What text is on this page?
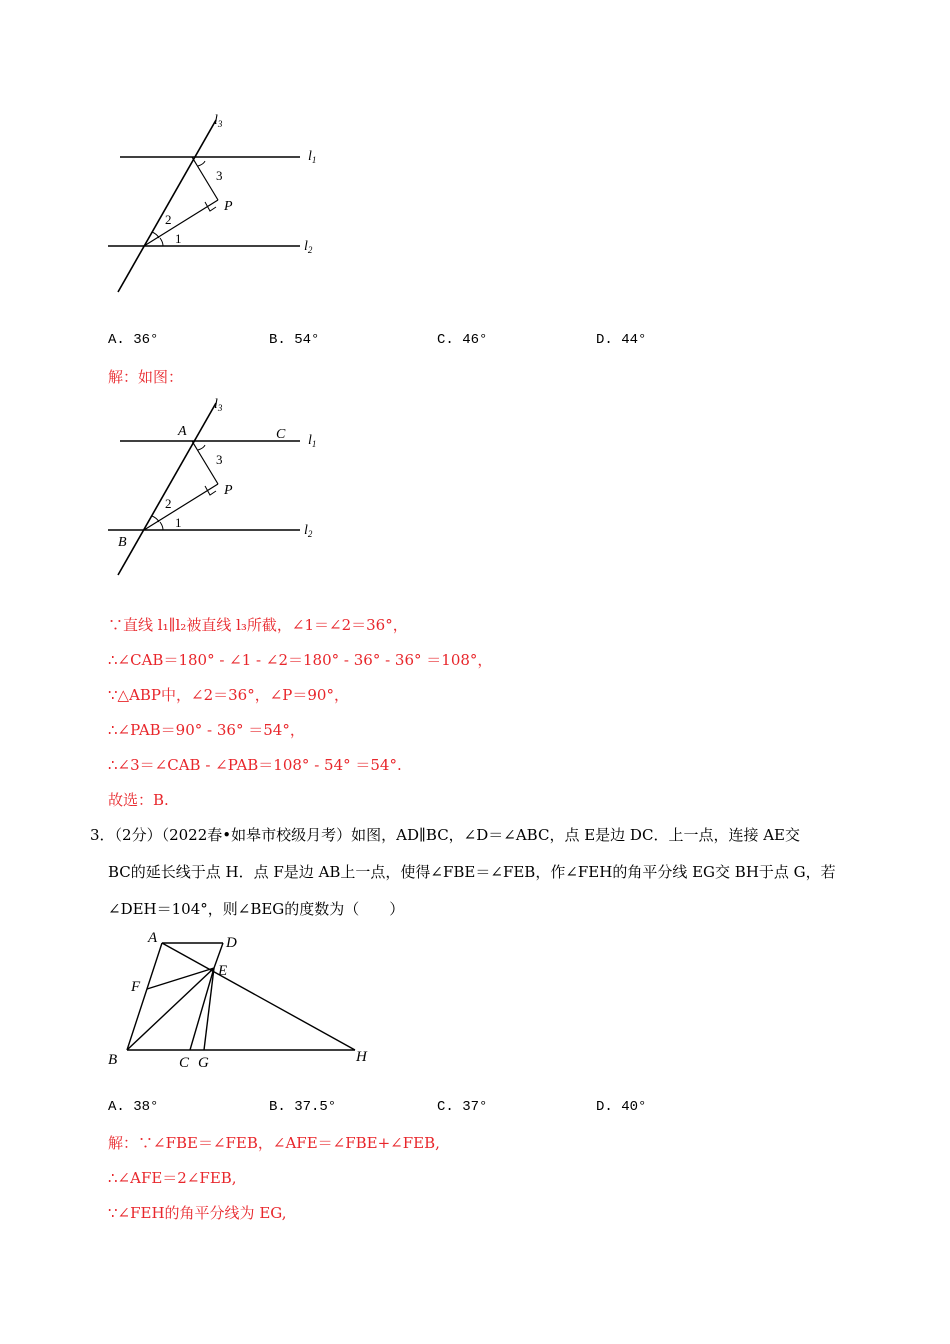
$l_3$
$l_1$
$l_2$
P
3
2
1
A. 36°	B. 54°	C. 46°	D. 44°
解：如图：
$l_3$
$l_1$
$l_2$
A	C
P
B
3
2
1
∵直线 l₁∥l₂被直线 l₃所截，∠1＝∠2＝36°，
∴∠CAB＝180° - ∠1 - ∠2＝180° - 36° - 36° ＝108°，
∵△ABP中，∠2＝36°，∠P＝90°，
∴∠PAB＝90° - 36° ＝54°，
∴∠3＝∠CAB - ∠PAB＝108° - 54° ＝54°.
故选：B.
3．（2分）（2022春•如皋市校级月考）如图，AD∥BC，∠D＝∠ABC，点 E是边 DC．上一点，连接 AE交
BC的延长线于点 H．点 F是边 AB上一点，使得∠FBE＝∠FEB，作∠FEH的角平分线 EG交 BH于点 G，若
∠DEH＝104°，则∠BEG的度数为（　　）
A	D
E
F
B	C G	H
A. 38°	B. 37.5°	C. 37°	D. 40°
解：∵∠FBE＝∠FEB，∠AFE＝∠FBE+∠FEB,
∴∠AFE＝2∠FEB,
∵∠FEH的角平分线为 EG,
